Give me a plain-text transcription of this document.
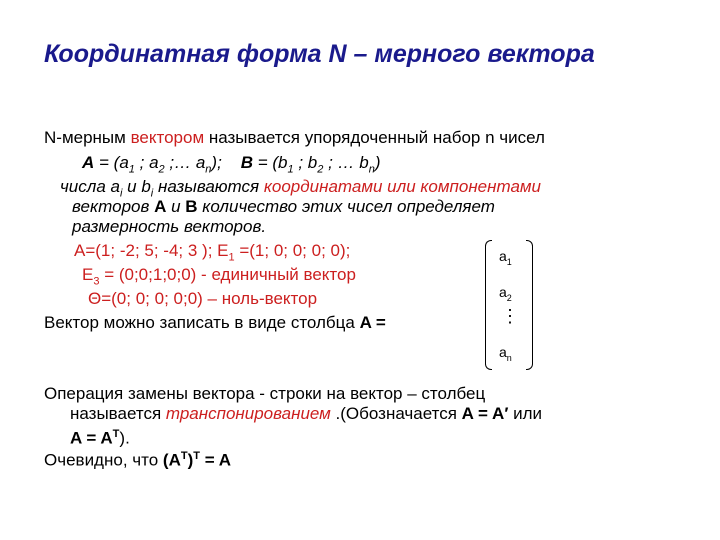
Координатная форма N – мерного вектора
N-мерным вектором называется упорядоченный набор n чисел
$A = (a_1$ ; $a_2$ ;… $a_n$); $B = (b_1$ ; $b_2$ ; … $b_n$)
числа $a_i$ и $b_i$ называются координатами или компонентами
векторов A и B количество этих чисел определяет
размерность векторов.
A=(1; -2; 5; -4; 3 ); $E_1 =(1$; 0; 0; 0; 0);
$E_3$ = (0;0;1;0;0) - единичный вектор
Θ=(0; 0; 0; 0;0) – ноль-вектор
Вектор можно записать в виде столбца A =
$a_1$
$a_2$
⋮
$a_n$
Операция замены вектора - строки на вектор – столбец
называется транспонированием .(Обозначается A = A′ или
$A = A^T$).
Очевидно, что $(A^T)^T = A$
